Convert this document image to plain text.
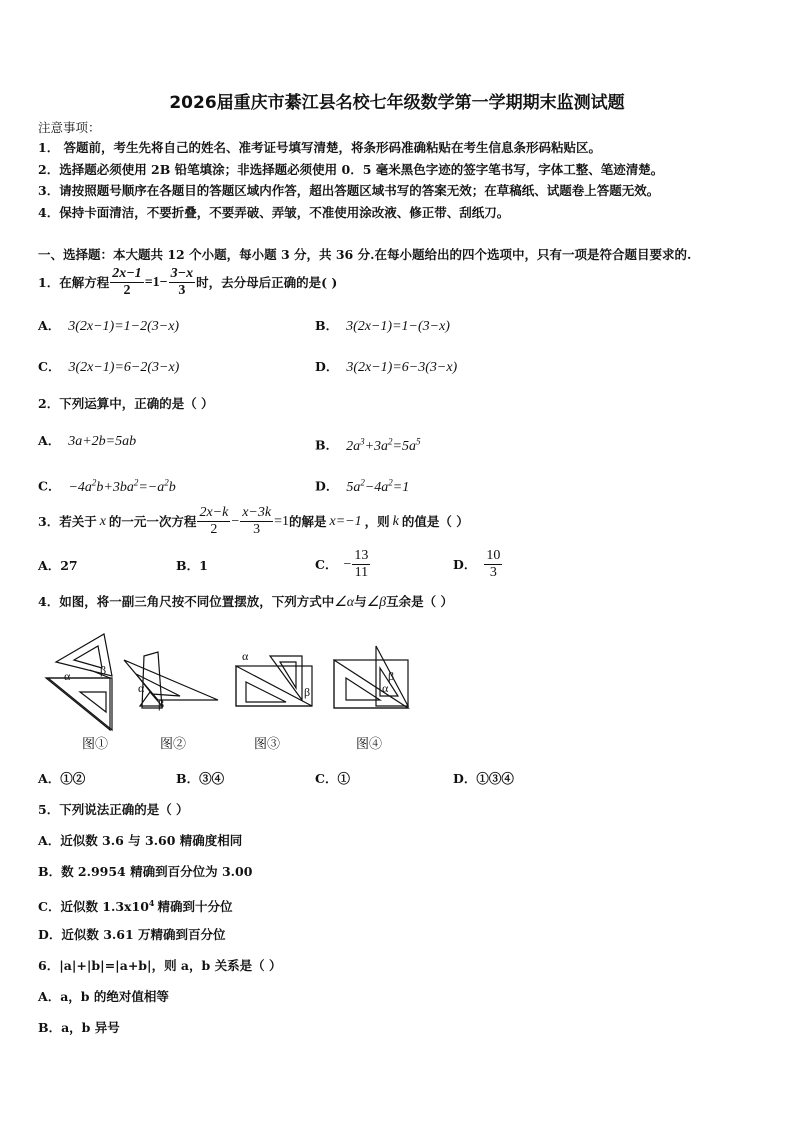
2026届重庆市綦江县名校七年级数学第一学期期末监测试题
注意事项：
1． 答题前，考生先将自己的姓名、准考证号填写清楚，将条形码准确粘贴在考生信息条形码粘贴区。
2．选择题必须使用 2B 铅笔填涂；非选择题必须使用 0．5 毫米黑色字迹的签字笔书写，字体工整、笔迹清楚。
3．请按照题号顺序在各题目的答题区域内作答，超出答题区域书写的答案无效；在草稿纸、试题卷上答题无效。
4．保持卡面清洁，不要折叠，不要弄破、弄皱，不准使用涂改液、修正带、刮纸刀。
一、选择题：本大题共 12 个小题，每小题 3 分，共 36 分.在每小题给出的四个选项中，只有一项是符合题目要求的.
1．在解方程 $\frac{2x-1}{2} =1- \frac{3-x}{3}$ 时，去分母后正确的是( )
A． 3(2x−1)=1−2(3−x)	B． 3(2x−1)=1−(3−x)
C． 3(2x−1)=6−2(3−x)	D． 3(2x−1)=6−3(3−x)
2．下列运算中，正确的是（ ）
A． 3a+2b=5ab	B． $2a^3+3a^2=5a^5$
C． $-4a^2b+3ba^2=-a^2b$	D． $5a^2-4a^2=1$
3．若关于 x 的一元一次方程 $\frac{2x-k}{2} - \frac{x-3k}{3} =1$ 的解是 x=−1 ，则 k 的值是（ ）
A．27	B．1	C． − $\frac{13}{11}$	D． $\frac{10}{3}$
4．如图，将一副三角尺按不同位置摆放，下列方式中∠α与∠β互余是（ ）
α β
α
β
α
β
β
α
图①	图②	图③	图④
A．①②	B．③④	C．①	D．①③④
5．下列说法正确的是（ ）
A．近似数 3.6 与 3.60 精确度相同
B．数 2.9954 精确到百分位为 3.00
C．近似数 $1.3x10^4$ 精确到十分位
D．近似数 3.61 万精确到百分位
6．|a|+|b|=|a+b|，则 a，b 关系是（ ）
A．a，b 的绝对值相等
B．a，b 异号
